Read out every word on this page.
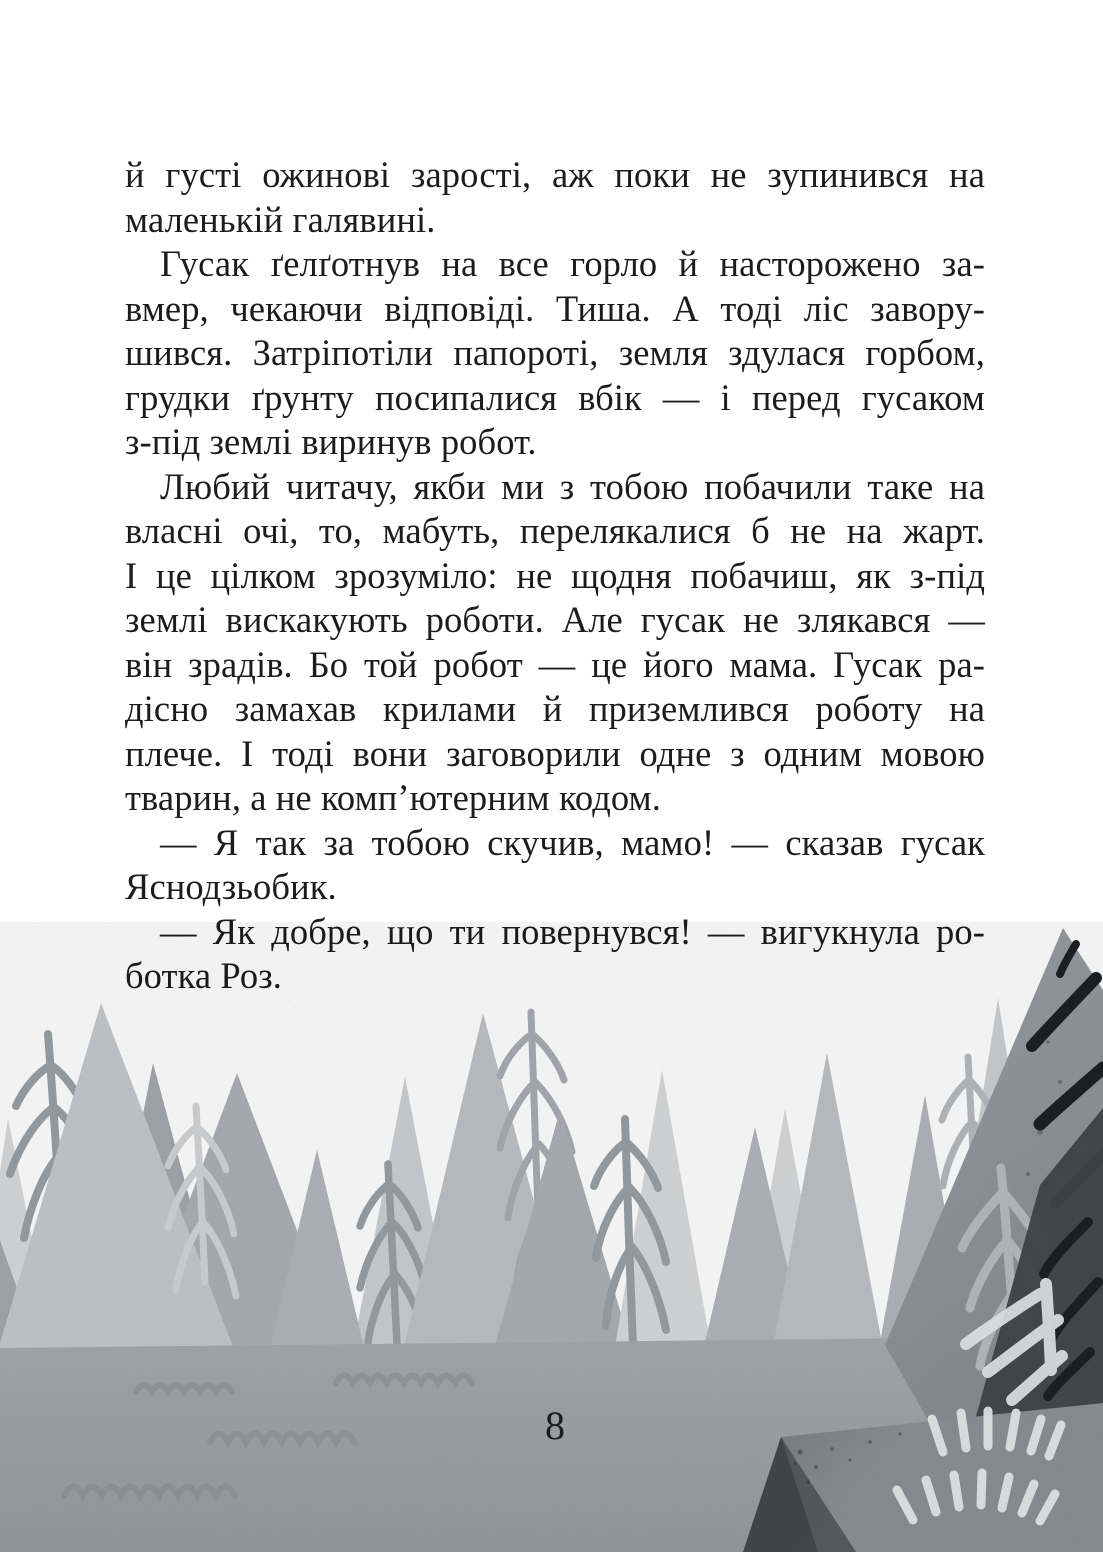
й густі ожинові зарості, аж поки не зупинився на
маленькій галявині.
Гусак ґелґотнув на все горло й насторожено за-
вмер, чекаючи відповіді. Тиша. А тоді ліс завору-
шився. Затріпотіли папороті, земля здулася горбом,
грудки ґрунту посипалися вбік — і перед гусаком
з-під землі виринув робот.
Любий читачу, якби ми з тобою побачили таке на
власні очі, то, мабуть, перелякалися б не на жарт.
І це цілком зрозуміло: не щодня побачиш, як з-під
землі вискакують роботи. Але гусак не злякався —
він зрадів. Бо той робот — це його мама. Гусак ра-
дісно замахав крилами й приземлився роботу на
плече. І тоді вони заговорили одне з одним мовою
тварин, а не комп’ютерним кодом.
— Я так за тобою скучив, мамо! — сказав гусак
Яснодзьобик.
— Як добре, що ти повернувся! — вигукнула ро-
ботка Роз.
8
